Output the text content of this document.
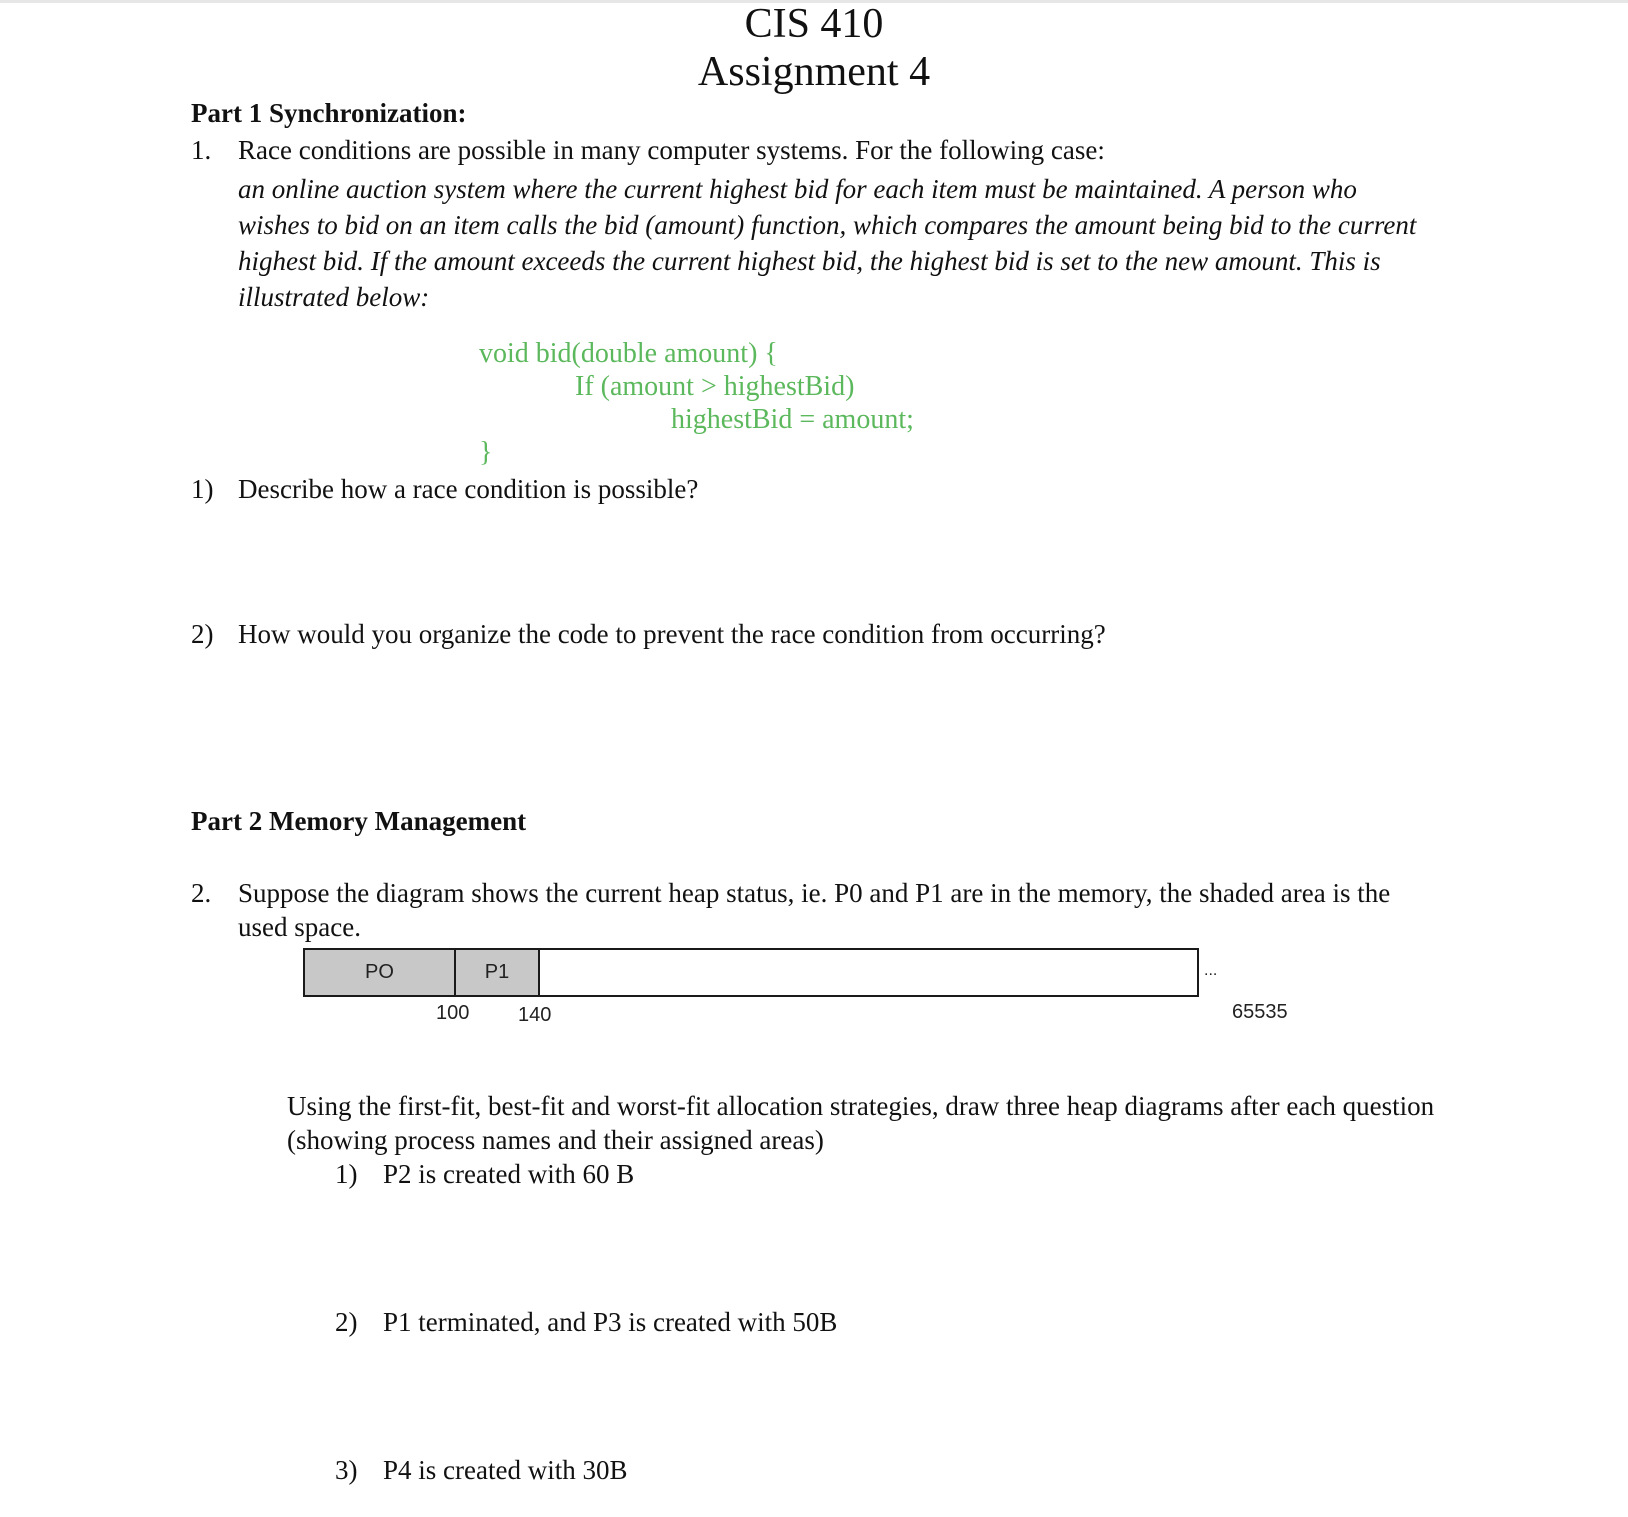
CIS 410
Assignment 4
Part 1 Synchronization:
1. Race conditions are possible in many computer systems. For the following case:
an online auction system where the current highest bid for each item must be maintained. A person who wishes to bid on an item calls the bid (amount) function, which compares the amount being bid to the current highest bid. If the amount exceeds the current highest bid, the highest bid is set to the new amount. This is illustrated below:
void bid(double amount) {
If (amount > highestBid)
highestBid = amount;
}
1) Describe how a race condition is possible?
2) How would you organize the code to prevent the race condition from occurring?
Part 2 Memory Management
2. Suppose the diagram shows the current heap status, ie. P0 and P1 are in the memory, the shaded area is the used space.
PO	P1	...
100 140	65535
Using the first-fit, best-fit and worst-fit allocation strategies, draw three heap diagrams after each question (showing process names and their assigned areas)
1) P2 is created with 60 B
2) P1 terminated, and P3 is created with 50B
3) P4 is created with 30B
